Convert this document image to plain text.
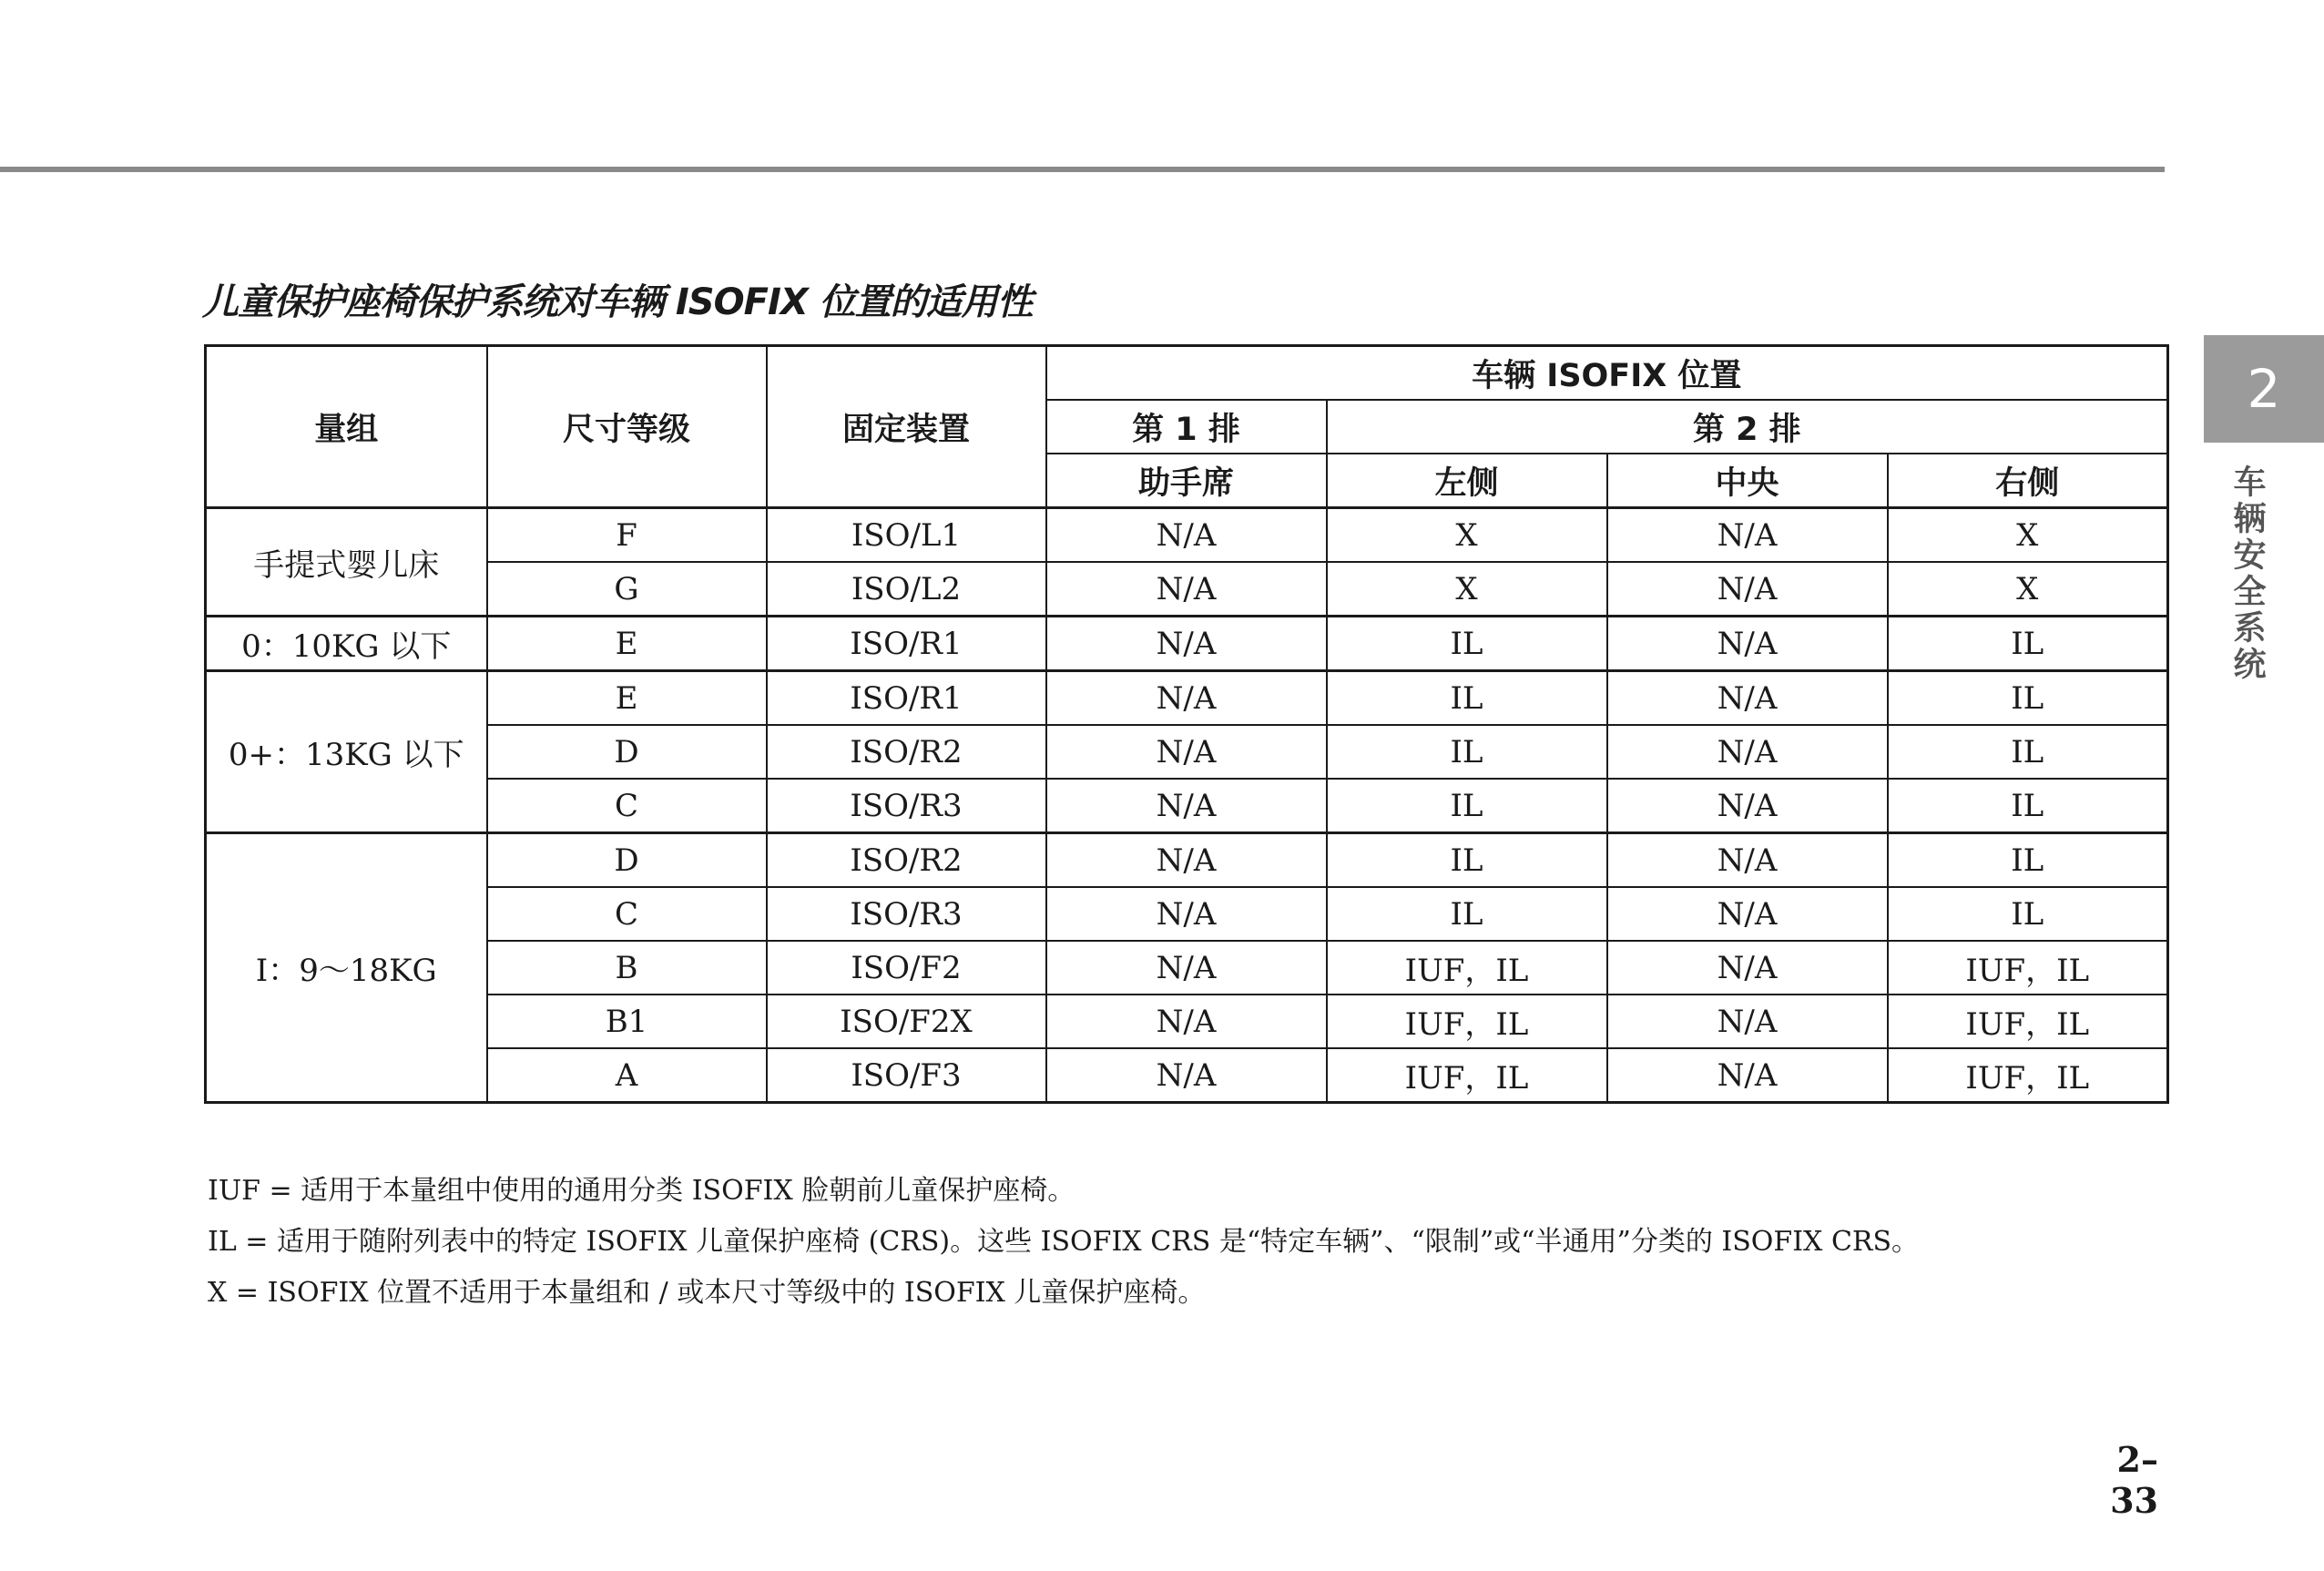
儿童保护座椅保护系统对车辆 ISOFIX 位置的适用性
量组	尺寸等级	固定装置	车辆 ISOFIX 位置			
			第 1 排	第 2 排		
			助手席	左侧	中央	右侧
手提式婴儿床	F	ISO/L1	N/A	X	N/A	X
	G	ISO/L2	N/A	X	N/A	X
0：10KG 以下	E	ISO/R1	N/A	IL	N/A	IL
0+：13KG 以下	E	ISO/R1	N/A	IL	N/A	IL
	D	ISO/R2	N/A	IL	N/A	IL
	C	ISO/R3	N/A	IL	N/A	IL
I：9～18KG	D	ISO/R2	N/A	IL	N/A	IL
	C	ISO/R3	N/A	IL	N/A	IL
	B	ISO/F2	N/A	IUF，IL	N/A	IUF，IL
	B1	ISO/F2X	N/A	IUF，IL	N/A	IUF，IL
	A	ISO/F3	N/A	IUF，IL	N/A	IUF，IL

IUF = 适用于本量组中使用的通用分类 ISOFIX 脸朝前儿童保护座椅。

IL = 适用于随附列表中的特定 ISOFIX 儿童保护座椅 (CRS)。这些 ISOFIX CRS 是“特定车辆”、“限制”或“半通用”分类的 ISOFIX CRS。

X = ISOFIX 位置不适用于本量组和 / 或本尺寸等级中的 ISOFIX 儿童保护座椅。

2
车辆安全系统
2–33
